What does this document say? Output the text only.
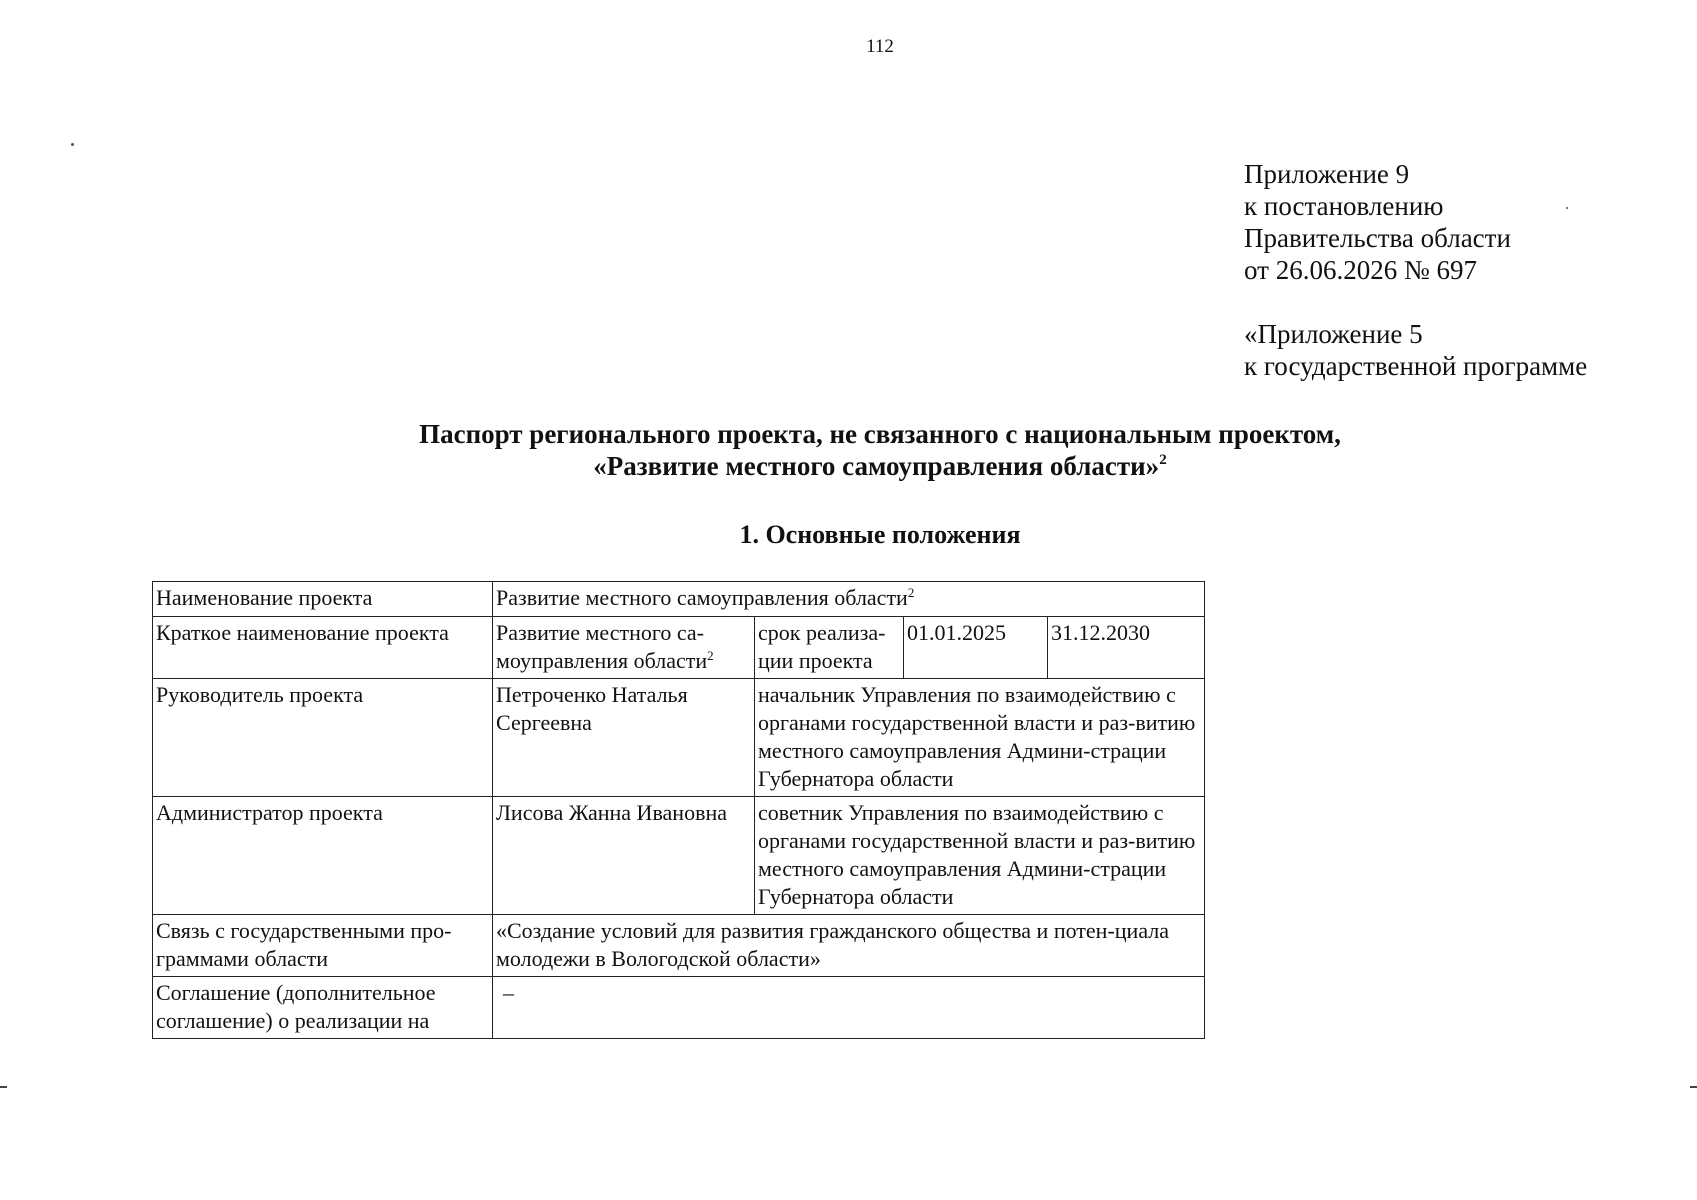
112
Приложение 9
к постановлению
Правительства области
от 26.06.2026 № 697
«Приложение 5
к государственной программе
Паспорт регионального проекта, не связанного с национальным проектом,
«Развитие местного самоуправления области»$^2$
1. Основные положения
Наименование проекта	Развитие местного самоуправления области$^2$
Краткое наименование проекта	Развитие местного са-моуправления области$^2$	срок реализа-ции проекта	01.01.2025	31.12.2030
Руководитель проекта	Петроченко Наталья Сергеевна	начальник Управления по взаимодействию с органами государственной власти и раз-витию местного самоуправления Админи-страции Губернатора области		
Администратор проекта	Лисова Жанна Ивановна	советник Управления по взаимодействию с органами государственной власти и раз-витию местного самоуправления Админи-страции Губернатора области		
Связь с государственными про-граммами области	«Создание условий для развития гражданского общества и потен-циала молодежи в Вологодской области»			
Соглашение (дополнительное соглашение) о реализации на	–			
